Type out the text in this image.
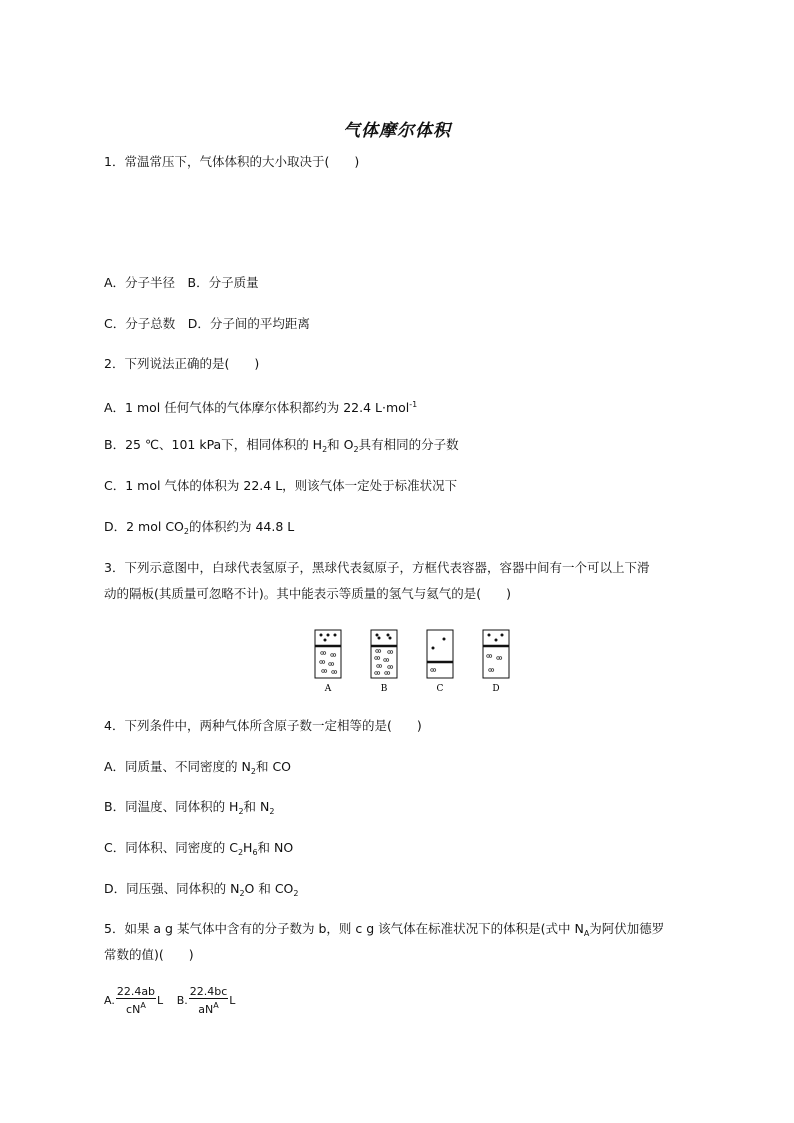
气体摩尔体积
1．常温常压下，气体体积的大小取决于(　　)
A．分子半径　B．分子质量
C．分子总数　D．分子间的平均距离
2．下列说法正确的是(　　)
A．1 mol 任何气体的气体摩尔体积都约为 22.4 L·mol$^{-1}$
B．25 ℃、101 kPa下，相同体积的 $H_2$和 $O_2$具有相同的分子数
C．1 mol 气体的体积为 22.4 L，则该气体一定处于标准状况下
D．2 mol $CO_2$的体积约为 44.8 L
3．下列示意图中，白球代表氢原子，黑球代表氦原子，方框代表容器，容器中间有一个可以上下滑
动的隔板(其质量可忽略不计)。其中能表示等质量的氢气与氦气的是(　　)
A	B	C	D
4．下列条件中，两种气体所含原子数一定相等的是(　　)
A．同质量、不同密度的 $N_2$和 CO
B．同温度、同体积的 $H_2$和 $N_2$
C．同体积、同密度的 $C_2H_6$和 NO
D．同压强、同体积的 $N_2O$ 和 $CO_2$
5．如果 a g 某气体中含有的分子数为 b，则 c g 该气体在标准状况下的体积是(式中 $N_A$为阿伏加德罗
常数的值)(　　)
A. $\frac{22.4ab}{cN^A}$ L B. $\frac{22.4bc}{aN^A}$ L
